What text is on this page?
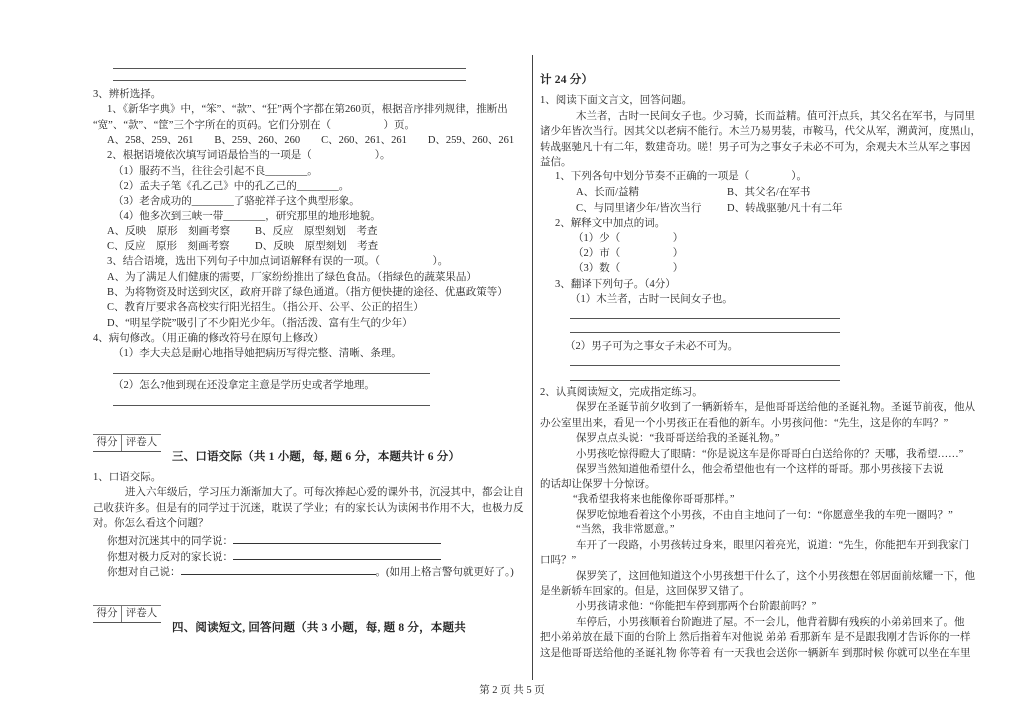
3、辨析选择。
1、《新华字典》中，“笨”、“款”、“狂”两个字都在第260页，根据音序排列规律，推断出
“宽”、“款”、“筐”三个字所在的页码。它们分别在（　　　　　）页。
A、258、259、261　　B、259、260、260　　C、260、261、261　　D、259、260、261
2、根据语境依次填写词语最恰当的一项是（　　　　　　）。
（1）服药不当，往往会引起不良________。
（2）孟夫子笔《孔乙己》中的孔乙己的________。
（3）老舍成功的________了骆驼祥子这个典型形象。
（4）他多次到三峡一带________，研究那里的地形地貌。
A、反映　原形　刻画考察 B、反应　原型刻划　考查
C、反应　原形　刻画考察 D、反映　原型刻划　考查
3、结合语境，选出下列句子中加点词语解释有误的一项。（　　　　　）。
A、为了满足人们健康的需要，厂家纷纷推出了绿色食品。（指绿色的蔬菜果品）
B、为将物资及时送到灾区，政府开辟了绿色通道。（指方便快捷的途径、优惠政策等）
C、教育厅要求各高校实行阳光招生。（指公开、公平、公正的招生）
D、“明星学院”吸引了不少阳光少年。（指活泼、富有生气的少年）
4、病句修改。（用正确的修改符号在原句上修改）
（1）李大夫总是耐心地指导她把病历写得完整、清晰、条理。
（2）怎么?他到现在还没拿定主意是学历史或者学地理。
得分 评卷人
三、口语交际（共 1 小题，每, 题 6 分，本题共计 6 分）
1、口语交际。
进入六年级后，学习压力渐渐加大了。可每次捧起心爱的课外书，沉浸其中，都会让自
己收获许多。但是有的同学过于沉迷，耽误了学业；有的家长认为读闲书作用不大，也极力反
对。你怎么看这个问题？
你想对沉迷其中的同学说：
你想对极力反对的家长说：
你想对自己说：	。(如用上格言警句就更好了。)
得分 评卷人
四、阅读短文, 回答问题（共 3 小题，每, 题 8 分，本题共
计 24 分）
1、阅读下面文言文，回答问题。
木兰者，古时一民间女子也。少习骑，长而益精。值可汗点兵，其父名在军书，与同里
诸少年皆次当行。因其父以老病不能行。木兰乃易男装，市鞍马，代父从军，溯黄河，度黑山，
转战驱驰凡十有二年，数建奇功。嗟！男子可为之事女子未必不可为，余观夫木兰从军之事因
益信。
1、下列各句中划分节奏不正确的一项是（　　　　）。
A、长而/益精	B、其父名/在军书
C、与同里诸少年/皆次当行 D、转战驱驰/凡十有二年
2、解释文中加点的词。
（1）少（　　　　　）
（2）市（　　　　　）
（3）数（　　　　　）
3、翻译下列句子。（4分）
（1）木兰者，古时一民间女子也。
（2）男子可为之事女子未必不可为。
2、认真阅读短文，完成指定练习。
保罗在圣诞节前夕收到了一辆新轿车，是他哥哥送给他的圣诞礼物。圣诞节前夜，他从
办公室里出来，看见一个小男孩正在看他的新车。小男孩问他：“先生，这是你的车吗？”
保罗点点头说：“我哥哥送给我的圣诞礼物。”
小男孩吃惊得瞪大了眼睛：“你是说这车是你哥哥白白送给你的？天哪，我希望……”
保罗当然知道他希望什么，他会希望他也有一个这样的哥哥。那小男孩接下去说
的话却让保罗十分惊讶。
“我希望我将来也能像你哥哥那样。”
保罗吃惊地看着这个小男孩，不由自主地问了一句：“你愿意坐我的车兜一圈吗？”
“当然，我非常愿意。”
车开了一段路，小男孩转过身来，眼里闪着亮光，说道：“先生，你能把车开到我家门
口吗？”
保罗笑了，这回他知道这个小男孩想干什么了，这个小男孩想在邻居面前炫耀一下，他
是坐新轿车回家的。但是，这回保罗又错了。
小男孩请求他：“你能把车停到那两个台阶跟前吗？”
车停后，小男孩顺着台阶跑进了屋。不一会儿，他背着脚有残疾的小弟弟回来了。他
把小弟弟放在最下面的台阶上 然后指着车对他说 弟弟 看那新车 是不是跟我刚才告诉你的一样
这是他哥哥送给他的圣诞礼物 你等着 有一天我也会送你一辆新车 到那时候 你就可以坐在车里
第 2 页 共 5 页
